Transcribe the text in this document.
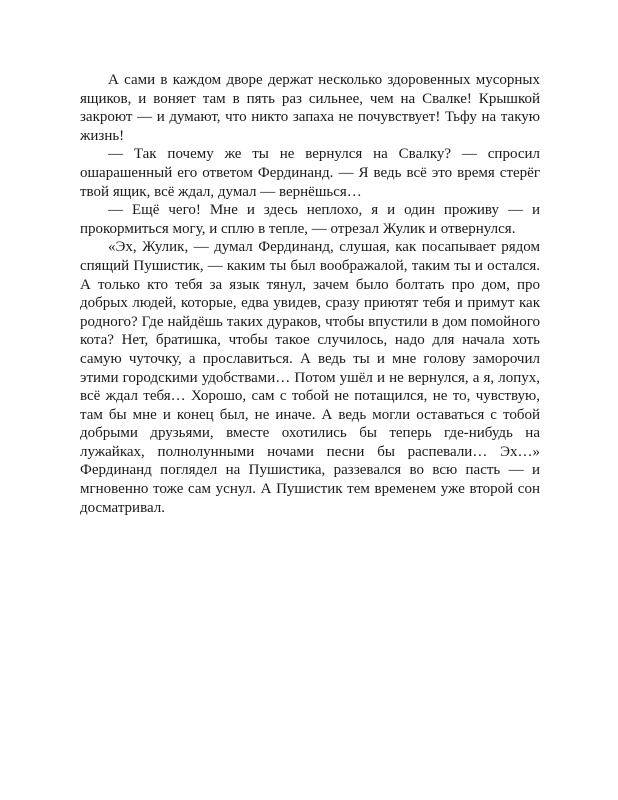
А сами в каждом дворе держат несколько здоровенных мусорных ящиков, и воняет там в пять раз сильнее, чем на Свалке! Крышкой закроют — и думают, что никто запаха не почувствует! Тьфу на такую жизнь!

— Так почему же ты не вернулся на Свалку? — спросил ошарашенный его ответом Фердинанд. — Я ведь всё это время стерёг твой ящик, всё ждал, думал — вернёшься…

— Ещё чего! Мне и здесь неплохо, я и один проживу — и прокормиться могу, и сплю в тепле, — отрезал Жулик и отвернулся.

«Эх, Жулик, — думал Фердинанд, слушая, как посапывает рядом спящий Пушистик, — каким ты был воображалой, таким ты и остался. А только кто тебя за язык тянул, зачем было болтать про дом, про добрых людей, которые, едва увидев, сразу приютят тебя и примут как родного? Где найдёшь таких дураков, чтобы впустили в дом помойного кота? Нет, братишка, чтобы такое случилось, надо для начала хоть самую чуточку, а прославиться. А ведь ты и мне голову заморочил этими городскими удобствами… Потом ушёл и не вернулся, а я, лопух, всё ждал тебя… Хорошо, сам с тобой не потащился, не то, чувствую, там бы мне и конец был, не иначе. А ведь могли оставаться с тобой добрыми друзьями, вместе охотились бы теперь где-нибудь на лужайках, полнолунными ночами песни бы распевали… Эх…» Фердинанд поглядел на Пушистика, раззевался во всю пасть — и мгновенно тоже сам уснул. А Пушистик тем временем уже второй сон досматривал.
